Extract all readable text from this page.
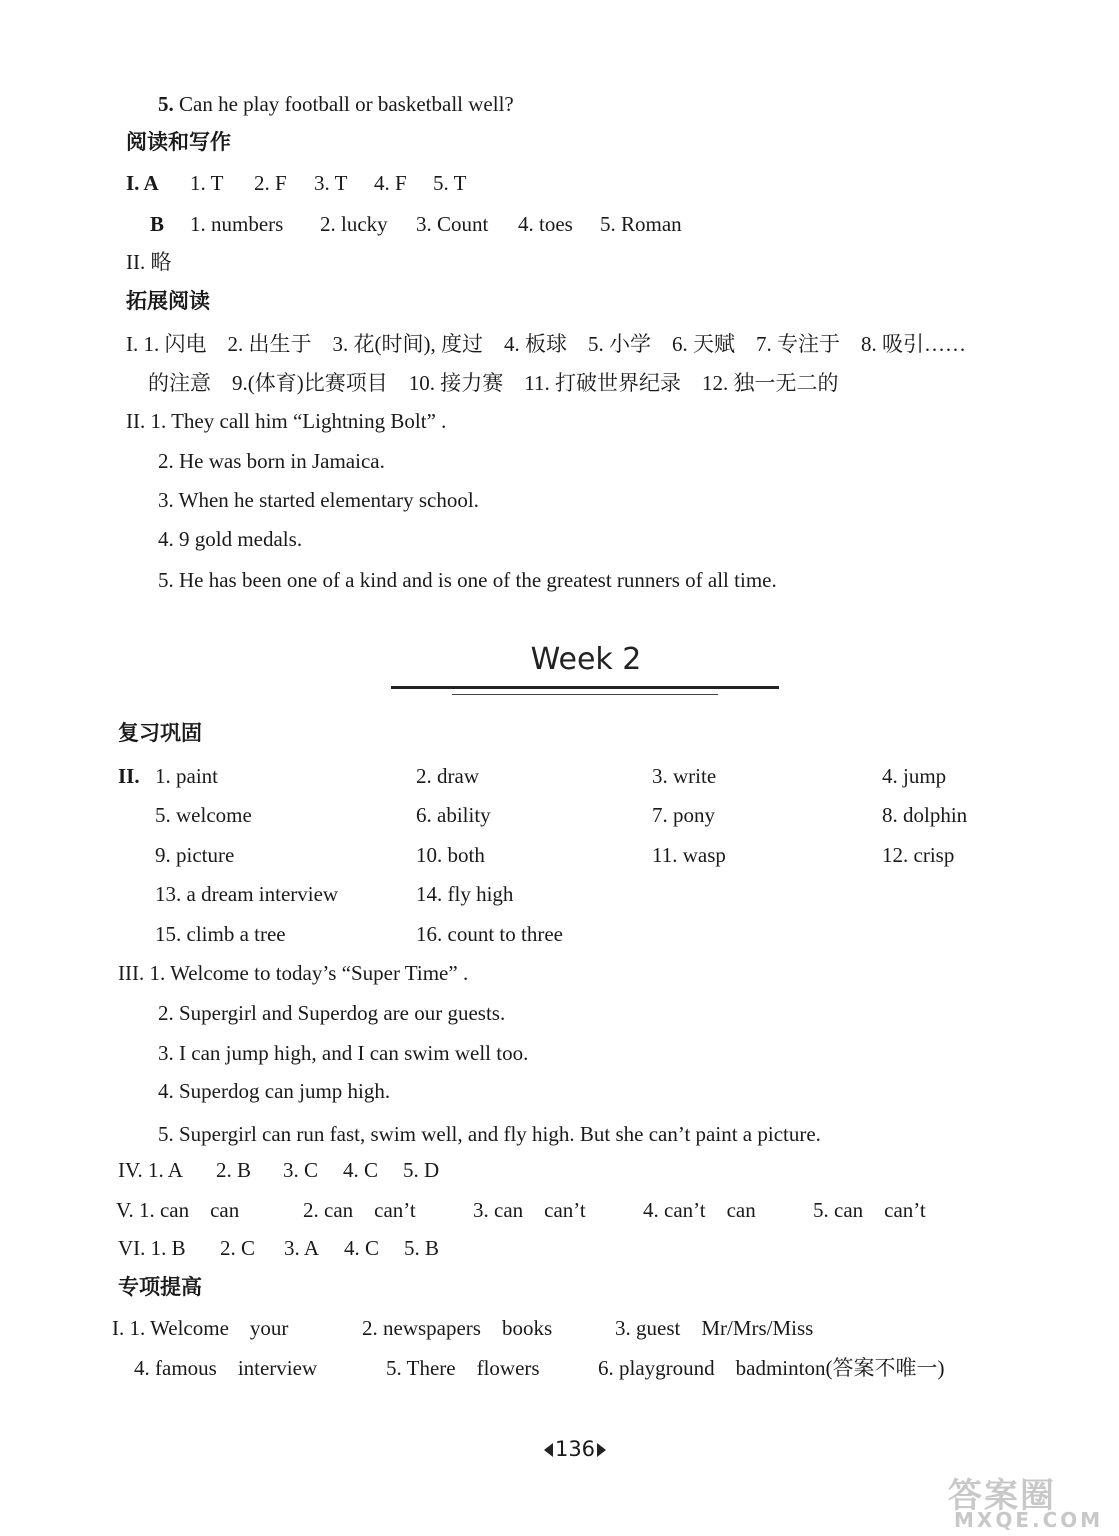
5. Can he play football or basketball well?
阅读和写作
I. A 1. T 2. F 3. T 4. F 5. T
B 1. numbers 2. lucky 3. Count 4. toes 5. Roman
II. 略
拓展阅读
I. 1. 闪电　2. 出生于　3. 花(时间), 度过　4. 板球　5. 小学　6. 天赋　7. 专注于　8. 吸引……
的注意　9.(体育)比赛项目　10. 接力赛　11. 打破世界纪录　12. 独一无二的
II. 1. They call him “Lightning Bolt” .
2. He was born in Jamaica.
3. When he started elementary school.
4. 9 gold medals.
5. He has been one of a kind and is one of the greatest runners of all time.
Week 2
复习巩固
II. 1. paint	2. draw	3. write	4. jump
5. welcome	6. ability	7. pony	8. dolphin
9. picture	10. both	11. wasp	12. crisp
13. a dream interview	14. fly high
15. climb a tree	16. count to three
III. 1. Welcome to today’s “Super Time” .
2. Supergirl and Superdog are our guests.
3. I can jump high, and I can swim well too.
4. Superdog can jump high.
5. Supergirl can run fast, swim well, and fly high. But she can’t paint a picture.
IV. 1. A 2. B 3. C 4. C 5. D
V. 1. can　can	2. can　can’t	3. can　can’t	4. can’t　can	5. can　can’t
VI. 1. B 2. C 3. A 4. C 5. B
专项提高
I. 1. Welcome　your	2. newspapers　books	3. guest　Mr/Mrs/Miss
4. famous　interview	5. There　flowers	6. playground　badminton(答案不唯一)
136
答案圈
MXQE.COM
